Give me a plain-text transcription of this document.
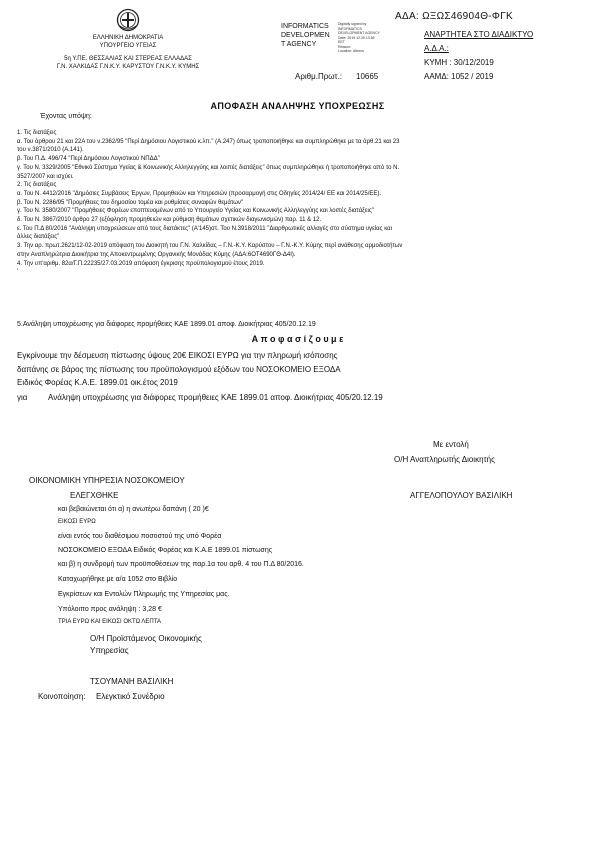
ΕΛΛΗΝΙΚΗ ΔΗΜΟΚΡΑΤΙΑ
ΥΠΟΥΡΓΕΙΟ ΥΓΕΙΑΣ
5η Υ.ΠΕ. ΘΕΣΣΑΛΙΑΣ ΚΑΙ ΣΤΕΡΕΑΣ ΕΛΛΑΔΑΣ
Γ.Ν. ΧΑΛΚΙΔΑΣ Γ.Ν.Κ.Υ. ΚΑΡΥΣΤΟΥ Γ.Ν.Κ.Υ. ΚΥΜΗΣ
INFORMATICS
DEVELOPMEN
T AGENCY
Digitally signed by
INFORMATICS
DEVELOPMENT AGENCY
Date: 2019.12.30 13:55
EET
Reason:
Location: Athens
ΑΔΑ: ΩΞΩΣ46904Θ-ΦΓΚ
ΑΝΑΡΤΗΤΕΑ ΣΤΟ ΔΙΑΔΙΚΤΥΟ
Α.Δ.Α.:
ΚΥΜΗ : 30/12/2019
Αριθμ.Πρωτ.: 10665	ΑΑΜΔ: 1052 / 2019
ΑΠΟΦΑΣΗ ΑΝΑΛΗΨΗΣ ΥΠΟΧΡΕΩΣΗΣ
Έχοντας υπόψη:
1. Τις διατάξεις
α. Του άρθρου 21 και 22Α του ν.2362/95 "Περί Δημόσιου Λογιστικού κ.λπ." (Α.247) όπως τροποποιήθηκε και συμπληρώθηκε με τα άρθ.21 και 23
του ν.3871/2010 (Α.141).
β. Του Π.Δ. 496/74 "Περί Δημόσιου Λογιστικού ΝΠΔΔ"
γ. Του Ν. 3329/2005 "Εθνικό Σύστημα Υγείας & Κοινωνικής Αλληλεγγύης και λοιπές διατάξεις" όπως συμπληρώθηκε ή τροποποιήθηκε από το Ν.
3527/2007 και ισχύει.
2. Τις διατάξεις
α. Του Ν. 4412/2016 "Δημόσιες Συμβάσεις Έργων, Προμηθειών και Υπηρεσιών (προσαρμογή στις Οδηγίες 2014/24/ ΕΕ και 2014/25/ΕΕ).
β. Του Ν. 2286/95 "Προμήθειες του δημοσίου τομέα και ρυθμίσεις συναφών θεμάτων"
γ. Του Ν. 3580/2007 "Προμήθειες Φορέων εποπτευομένων από το Υπουργείο Υγείας και Κοινωνικής Αλληλεγγύης και λοιπές διατάξεις"
δ. Του Ν. 3867/2010 άρθρο 27 (εξόφληση προμηθειών και ρύθμιση θεμάτων σχετικών διαγωνισμών) παρ. 11 & 12.
ε. Του Π.Δ 80/2016 "Ανάληψη υποχρεώσεων από τους διατάκτες" (Α'145)στ. Του Ν.3918/2011 "Διαρθρωτικές αλλαγές στο σύστημα υγείας και
άλλες διατάξεις"
3. Την αρ. πρωτ.2621/12-02-2019 απόφαση του Διοικητή του Γ.Ν. Χαλκίδας – Γ.Ν.-Κ.Υ. Καρύστου – Γ.Ν.-Κ.Υ. Κύμης περί ανάθεσης αρμοδιοτήτων
στην Αναπληρώτρια Διοικήτρια της Αποκεντρωμένης Οργανικής Μονάδας Κύμης (ΑΔΑ:6ΟΤ4690ΓΘ-Δ4Ι).
4. Την υπ'αριθμ. 82α/Γ.Π.22235/27.03.2019 απόφαση έγκρισης προϋπολογισμού έτους 2019.
'
5.Ανάληψη υποχρέωσης για διάφορες προμήθειες ΚΑΕ 1899.01 αποφ. Διοικήτριας 405/20.12.19
Α π ο φ α σ ί ζ ο υ μ ε
Εγκρίνουμε την δέσμευση πίστωσης ύψους 20€ ΕΙΚΟΣΙ ΕΥΡΩ για την πληρωμή ισόποσης
δαπάνης σε βάρος της πίστωσης του προϋπολογισμού εξόδων του ΝΟΣΟΚΟΜΕΙΟ ΕΞΟΔΑ
Ειδικός Φορέας Κ.Α.Ε. 1899.01 οικ.έτος 2019
για	Ανάληψη υποχρέωσης για διάφορες προμήθειες ΚΑΕ 1899.01 αποφ. Διοικήτριας 405/20.12.19
Με εντολή
Ο/Η Αναπληρωτής Διοικητής
ΑΓΓΕΛΟΠΟΥΛΟΥ ΒΑΣΙΛΙΚΗ
ΟΙΚΟΝΟΜΙΚΗ ΥΠΗΡΕΣΙΑ ΝΟΣΟΚΟΜΕΙΟΥ
ΕΛΕΓΧΘΗΚΕ
και βεβαιώνεται ότι α) η ανωτέρω δαπάνη ( 20 )€
ΕΙΚΟΣΙ ΕΥΡΩ
είναι εντός του διαθέσιμου ποσοστού της υπό Φορέα
ΝΟΣΟΚΟΜΕΙΟ ΕΞΟΔΑ Ειδικός Φορέας και Κ.Α.Ε 1899.01 πίστωσης
και β) η συνδρομή των προϋποθέσεων της παρ.1α του αρθ. 4 του Π.Δ 80/2016.
Καταχωρήθηκε με α/α 1052 στο Βιβλίο
Εγκρίσεων και Εντολών Πληρωμής της Υπηρεσίας μας.
Υπόλοιπο προς ανάληψη : 3,28 €
ΤΡΙΑ ΕΥΡΩ ΚΑΙ ΕΙΚΟΣΙ ΟΚΤΩ ΛΕΠΤΑ
Ο/Η Προϊστάμενος Οικονομικής
Υπηρεσίας
ΤΣΟΥΜΑΝΗ ΒΑΣΙΛΙΚΗ
Κοινοποίηση: Ελεγκτικό Συνέδριο
